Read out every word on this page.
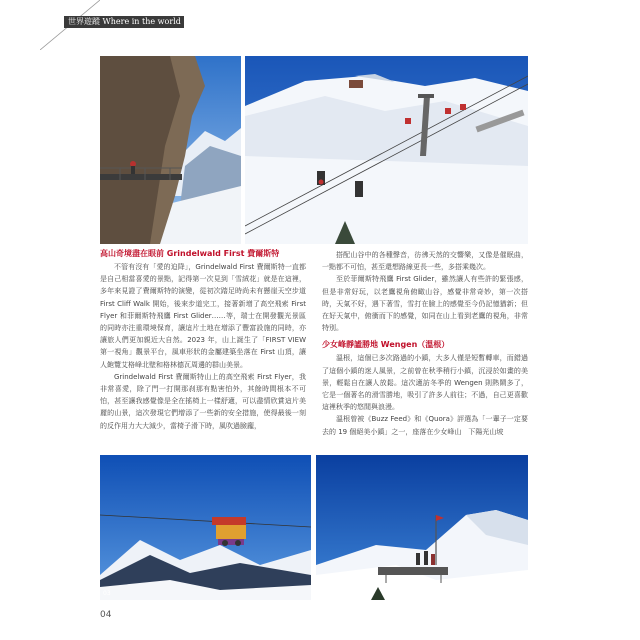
世界遊蹤 Where in the world

高山奇境盡在眼前 Grindelwald First 費爾斯特

不管有沒有「愛的迫降」，Grindelwald First 費爾斯特一直都是自己相當喜愛的景點，記得第一次見到「雪絨花」就是在這裡，多年來見證了費爾斯特的演變，從初次踏足時尚未有懸崖天空步道 First Cliff Walk 開始，後來步道完工，接著新增了高空飛索 First Flyer 和菲爾斯特飛鷹 First Glider……等，瑞士在開發觀光景區的同時亦注重環境保育，讓這片土地在增添了豐富設施的同時，亦讓旅人們更加親近大自然。2023 年，山上誕生了「FIRST VIEW 第一視角」觀景平台，風車形狀的金屬建築坐落在 First 山頂，讓人飽覽艾格峰北壁和格林德瓦周邊的群山美景。

Grindelwald First 費爾斯特山上的高空飛索 First Flyer，我非常喜愛，除了門一打開那刹那有點害怕外，其餘時間根本不可怕，甚至讓我感覺像是全在搖椅上一樣舒適，可以盡情欣賞這片美麗的山景，這次發現它們增添了一些新的安全措施，使得最後一刻的反作用力大大減少，當椅子滑下時，風吹過臉龐，

搭配山谷中的各種聲音，彷彿天然的交響樂，又像是催眠曲，一點都不可怕，甚至還想路線更長一些，多搭乘幾次。

至於菲爾斯特飛鷹 First Glider，雖然讓人有些許的緊張感，但是非常好玩，以老鷹視角俯瞰山谷，感覺非常奇妙，第一次搭時，天氣不好，遇下著雪，雪打在臉上的感覺至今仍記憶猶新；但在好天氣中，俯衝而下的感覺，如同在山上看到老鷹的視角，非常特別。

少女峰靜謐勝地 Wengen（溫根）

溫根，這個已多次路過的小鎮，大多人僅是短暫轉車，而錯過了這個小鎮的迷人風景，之前曾在秋季稍行小鎮，沉浸於如畫的美景，輕鬆自在讓人放鬆。這次適訪冬季的 Wengen 則熱鬧多了，它是一個著名的滑雪勝地，吸引了許多人前往；不過，自己更喜歡這裡秋季的悠閒與浪漫。

溫根曾被《Buzz Feed》和《Quora》評選為「一輩子一定要去的 19 個絕美小鎮」之一，座落在少女峰山　下陽光山坡

03
04
